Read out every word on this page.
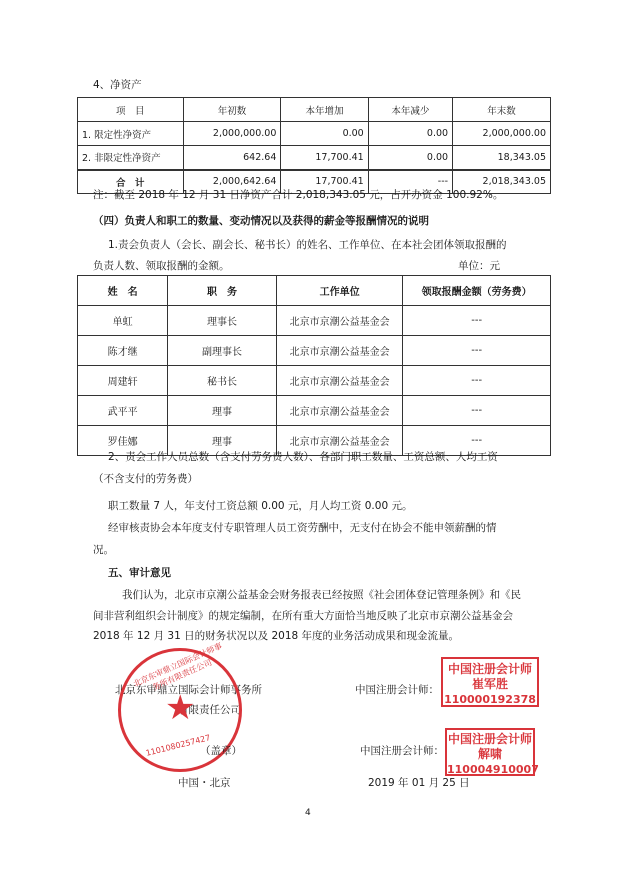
4、净资产
项　目	年初数	本年增加	本年减少	年末数
1. 限定性净资产	2,000,000.00	0.00	0.00	2,000,000.00
2. 非限定性净资产	642.64	17,700.41	0.00	18,343.05
合　计	2,000,642.64	17,700.41	---	2,018,343.05
注：截至 2018 年 12 月 31 日净资产合计 2,018,343.05 元，占开办资金 100.92%。
（四）负责人和职工的数量、变动情况以及获得的薪金等报酬情况的说明
1.责会负责人（会长、副会长、秘书长）的姓名、工作单位、在本社会团体领取报酬的
负责人数、领取报酬的金额。	单位：元
姓　名	职　务	工作单位	领取报酬金额（劳务费）
单虹	理事长	北京市京潮公益基金会	---
陈才继	副理事长	北京市京潮公益基金会	---
周建轩	秘书长	北京市京潮公益基金会	---
武平平	理事	北京市京潮公益基金会	---
罗佳娜	理事	北京市京潮公益基金会	---
2、责会工作人员总数（含支付劳务费人数）、各部门职工数量、工资总额、人均工资
（不含支付的劳务费）
职工数量 7 人，年支付工资总额 0.00 元，月人均工资 0.00 元。
经审核责协会本年度支付专职管理人员工资劳酬中，无支付在协会不能申领薪酬的情
况。
五、审计意见
我们认为，北京市京潮公益基金会财务报表已经按照《社会团体登记管理条例》和《民
间非营利组织会计制度》的规定编制，在所有重大方面恰当地反映了北京市京潮公益基金会
2018 年 12 月 31 日的财务状况以及 2018 年度的业务活动成果和现金流量。
北京东审鼎立国际会计师事务所
有限责任公司
北京东审鼎立国际会计师事务所有限责任公司
★
1101080257427
（盖章）
中国・北京
中国注册会计师：
中国注册会计师
崔军胜
110000192378
中国注册会计师：
中国注册会计师
解啸
110004910007
2019 年 01 月 25 日
4
